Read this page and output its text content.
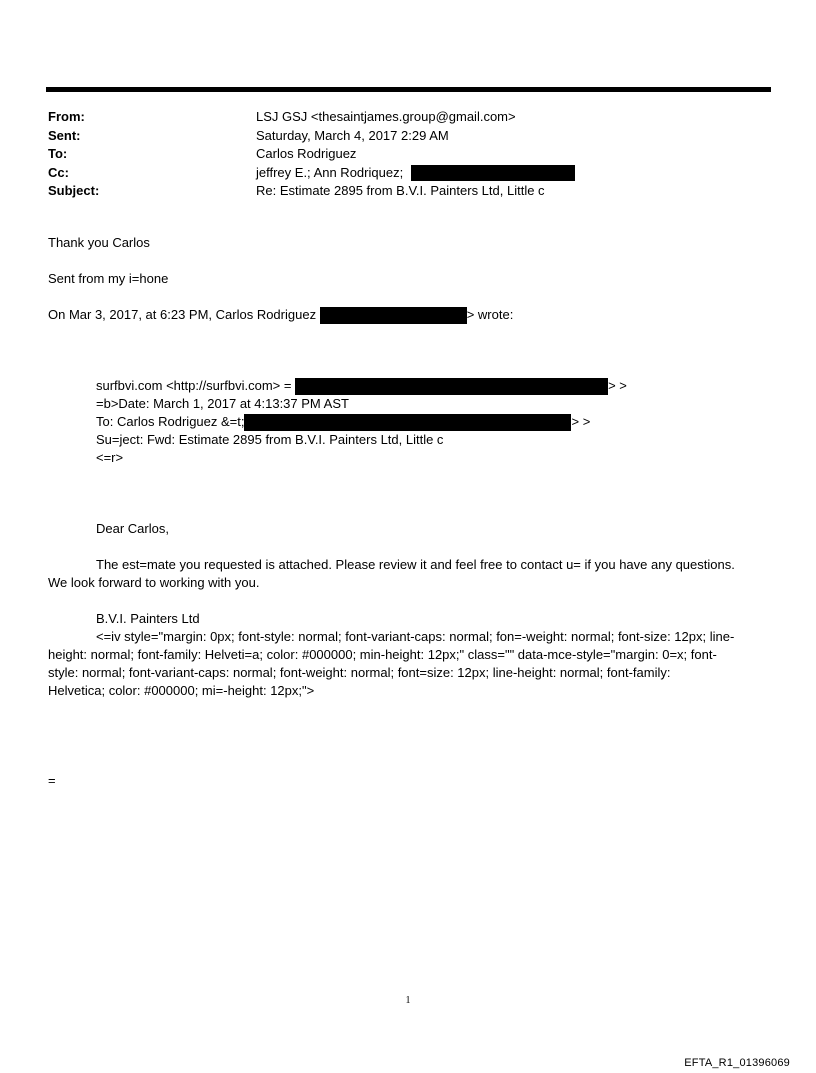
From:	LSJ GSJ <thesaintjames.group@gmail.com>
Sent:	Saturday, March 4, 2017 2:29 AM
To:	Carlos Rodriguez
Cc:	jeffrey E.; Ann Rodriquez;
Subject:	Re: Estimate 2895 from B.V.I. Painters Ltd, Little c
Thank you Carlos
Sent from my i=hone
On Mar 3, 2017, at 6:23 PM, Carlos Rodriguez	> wrote:
surfbvi.com <http://surfbvi.com> =	> >
=b>Date: March 1, 2017 at 4:13:37 PM AST
To: Carlos Rodriguez &=t;	> >
Su=ject: Fwd: Estimate 2895 from B.V.I. Painters Ltd, Little c
<=r>
Dear Carlos,
The est=mate you requested is attached. Please review it and feel free to contact u= if you have any questions.
We look forward to working with you.
B.V.I. Painters Ltd
<=iv style="margin: 0px; font-style: normal; font-variant-caps: normal; fon=-weight: normal; font-size: 12px; line-
height: normal; font-family: Helveti=a; color: #000000; min-height: 12px;" class="" data-mce-style="margin: 0=x; font-
style: normal; font-variant-caps: normal; font-weight: normal; font=size: 12px; line-height: normal; font-family:
Helvetica; color: #000000; mi=-height: 12px;">
=
1
EFTA_R1_01396069
